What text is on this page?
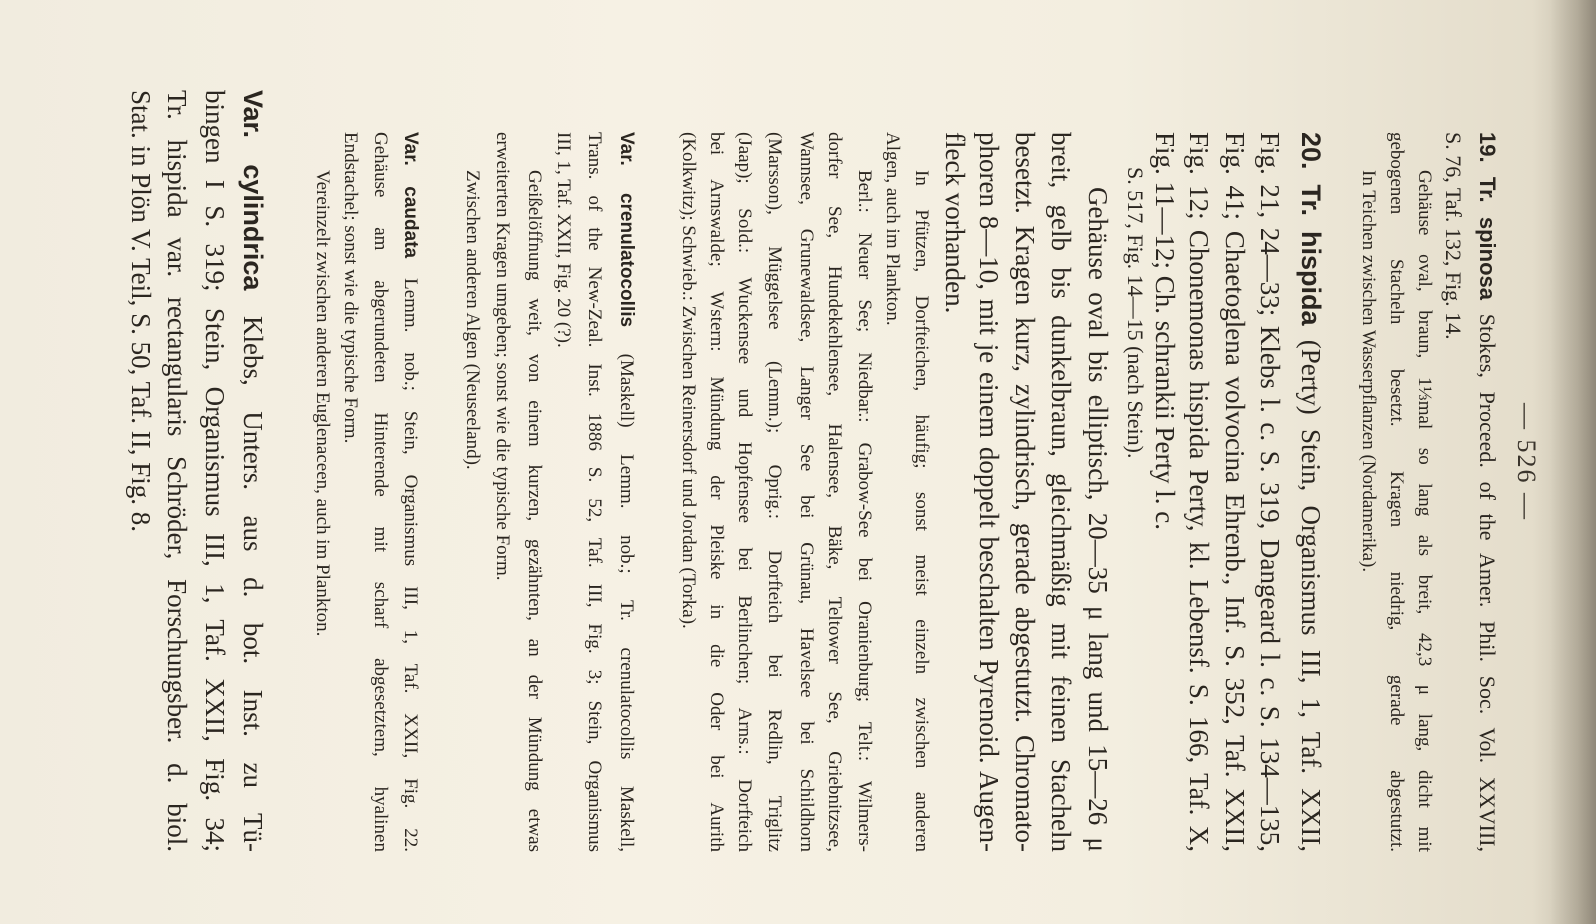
— 526 —
19. Tr. spinosa Stokes, Proceed. of the Amer. Phil. Soc. Vol. XXVIII,
S. 76, Taf. 132, Fig. 14.
Gehäuse oval, braun, 1⅓mal so lang als breit, 42,3 μ lang, dicht mit
gebogenen Stacheln besetzt. Kragen niedrig, gerade abgestutzt.
In Teichen zwischen Wasserpflanzen (Nordamerika).
20. Tr. hispida (Perty) Stein, Organismus III, 1, Taf. XXII,
Fig. 21, 24—33; Klebs l. c. S. 319, Dangeard l. c. S. 134—135,
Fig. 41; Chaetoglena volvocina Ehrenb., Inf. S. 352, Taf. XXII,
Fig. 12; Chonemonas hispida Perty, kl. Lebensf. S. 166, Taf. X,
Fig. 11—12; Ch. schrankii Perty l. c.
S. 517, Fig. 14—15 (nach Stein).
Gehäuse oval bis elliptisch, 20—35 μ lang und 15—26 μ
breit, gelb bis dunkelbraun, gleichmäßig mit feinen Stacheln
besetzt. Kragen kurz, zylindrisch, gerade abgestutzt. Chromato-
phoren 8—10, mit je einem doppelt beschalten Pyrenoid. Augen-
fleck vorhanden.
In Pfützen, Dorfteichen, häufig; sonst meist einzeln zwischen anderen
Algen, auch im Plankton.
Berl.: Neuer See; Niedbar.: Grabow-See bei Oranienburg; Telt.: Wilmers-
dorfer See, Hundekehlensee, Halensee, Bäke, Teltower See, Griebnitzsee,
Wannsee, Grunewaldsee, Langer See bei Grünau, Havelsee bei Schildhorn
(Marsson), Müggelsee (Lemm.); Oprig.: Dorfteich bei Redlin, Triglitz
(Jaap); Sold.: Wuckensee und Hopfensee bei Berlinchen; Arns.: Dorfteich
bei Arnswalde; Wstern: Mündung der Pleiske in die Oder bei Aurith
(Kolkwitz); Schwieb.: Zwischen Reinersdorf und Jordan (Torka).
Var. crenulatocollis (Maskell) Lemm. nob.; Tr. crenulatocollis Maskell,
Trans. of the New-Zeal. Inst. 1886 S. 52, Taf. III, Fig. 3; Stein, Organismus
III, 1, Taf. XXII, Fig. 20 (?).
Geißelöffnung weit, von einem kurzen, gezähnten, an der Mündung etwas
erweiterten Kragen umgeben; sonst wie die typische Form.
Zwischen anderen Algen (Neuseeland).
Var. caudata Lemm. nob.; Stein, Organismus III, 1, Taf. XXII, Fig. 22.
Gehäuse am abgerundeten Hinterende mit scharf abgesetztem, hyalinen
Endstachel; sonst wie die typische Form.
Vereinzelt zwischen anderen Euglenaceen, auch im Plankton.
Var. cylindrica Klebs, Unters. aus d. bot. Inst. zu Tü-
bingen I S. 319; Stein, Organismus III, 1, Taf. XXII, Fig. 34;
Tr. hispida var. rectangularis Schröder, Forschungsber. d. biol.
Stat. in Plön V. Teil, S. 50, Taf. II, Fig. 8.
